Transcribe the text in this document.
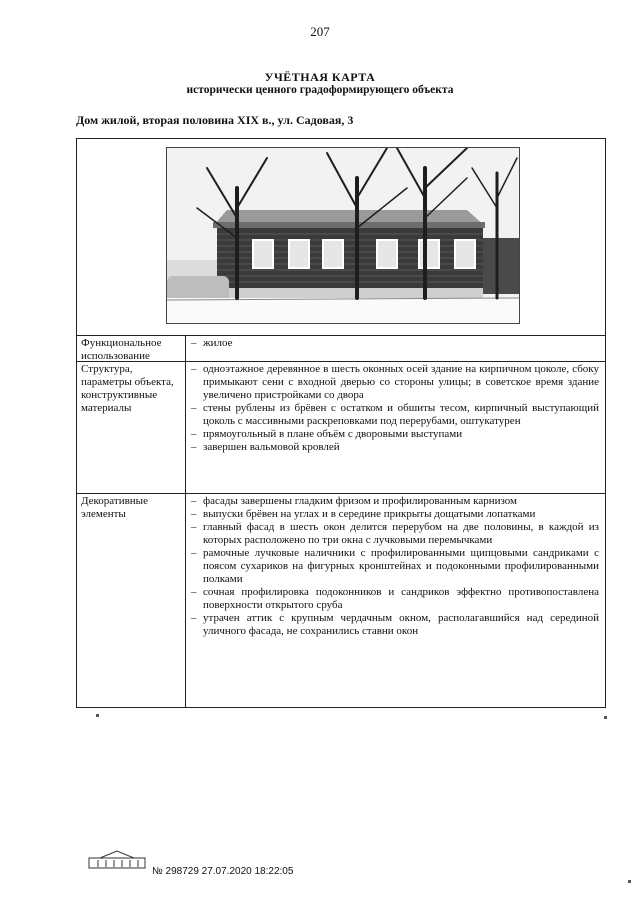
207
УЧЁТНАЯ КАРТА
исторически ценного градоформирующего объекта
Дом жилой, вторая половина XIX в., ул. Садовая, 3
Функциональное использование
– жилое
Структура, параметры объекта, конструктивные материалы
– одноэтажное деревянное в шесть оконных осей здание на кирпичном цоколе, сбоку примыкают сени с входной дверью со стороны улицы; в советское время здание увеличено пристройками со двора
– стены рублены из брёвен с остатком и обшиты тесом, кирпичный выступающий цоколь с массивными раскреповками под перерубами, оштукатурен
– прямоугольный в плане объём с дворовыми выступами
– завершен вальмовой кровлей
Декоративные элементы
– фасады завершены гладким фризом и профилированным карнизом
– выпуски брёвен на углах и в середине прикрыты дощатыми лопатками
– главный фасад в шесть окон делится перерубом на две половины, в каждой из которых расположено по три окна с лучковыми перемычками
– рамочные лучковые наличники с профилированными щипцовыми сандриками с поясом сухариков на фигурных кронштейнах и подоконными профилированными полками
– сочная профилировка подоконников и сандриков эффектно противопоставлена поверхности открытого сруба
– утрачен аттик с крупным чердачным окном, располагавшийся над серединой уличного фасада, не сохранились ставни окон
№ 298729 27.07.2020 18:22:05
